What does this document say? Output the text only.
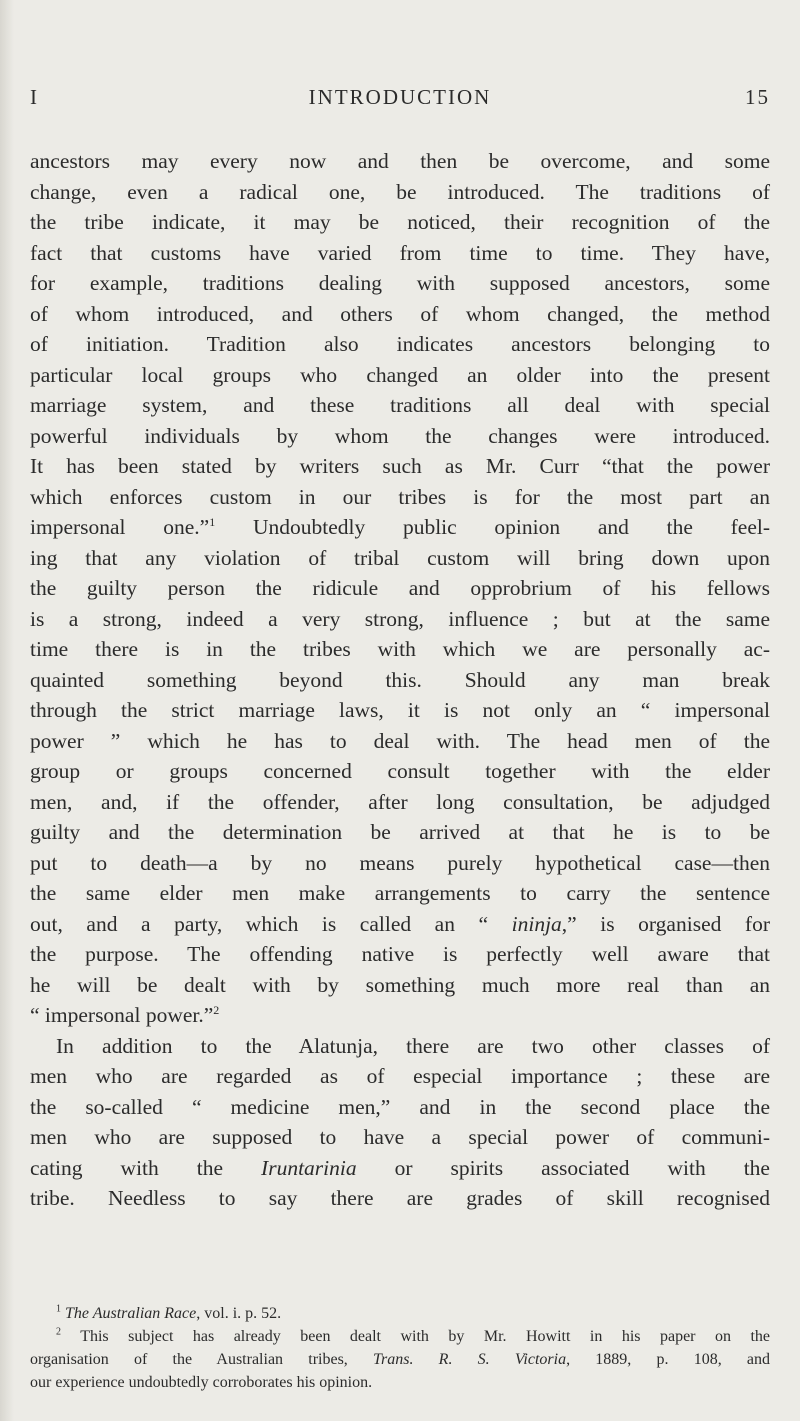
I	INTRODUCTION	15
ancestors may every now and then be overcome, and some
change, even a radical one, be introduced. The traditions of
the tribe indicate, it may be noticed, their recognition of the
fact that customs have varied from time to time. They have,
for example, traditions dealing with supposed ancestors, some
of whom introduced, and others of whom changed, the method
of initiation. Tradition also indicates ancestors belonging to
particular local groups who changed an older into the present
marriage system, and these traditions all deal with special
powerful individuals by whom the changes were introduced.
It has been stated by writers such as Mr. Curr “that the power
which enforces custom in our tribes is for the most part an
impersonal one.”$^1$ Undoubtedly public opinion and the feel-
ing that any violation of tribal custom will bring down upon
the guilty person the ridicule and opprobrium of his fellows
is a strong, indeed a very strong, influence ; but at the same
time there is in the tribes with which we are personally ac-
quainted something beyond this. Should any man break
through the strict marriage laws, it is not only an “ impersonal
power ” which he has to deal with. The head men of the
group or groups concerned consult together with the elder
men, and, if the offender, after long consultation, be adjudged
guilty and the determination be arrived at that he is to be
put to death—a by no means purely hypothetical case—then
the same elder men make arrangements to carry the sentence
out, and a party, which is called an “ ininja,” is organised for
the purpose. The offending native is perfectly well aware that
he will be dealt with by something much more real than an
“ impersonal power.”$^2$
In addition to the Alatunja, there are two other classes of
men who are regarded as of especial importance ; these are
the so-called “ medicine men,” and in the second place the
men who are supposed to have a special power of communi-
cating with the Iruntarinia or spirits associated with the
tribe. Needless to say there are grades of skill recognised
$^1$ The Australian Race, vol. i. p. 52.
$^2$ This subject has already been dealt with by Mr. Howitt in his paper on the
organisation of the Australian tribes, Trans. R. S. Victoria, 1889, p. 108, and
our experience undoubtedly corroborates his opinion.
